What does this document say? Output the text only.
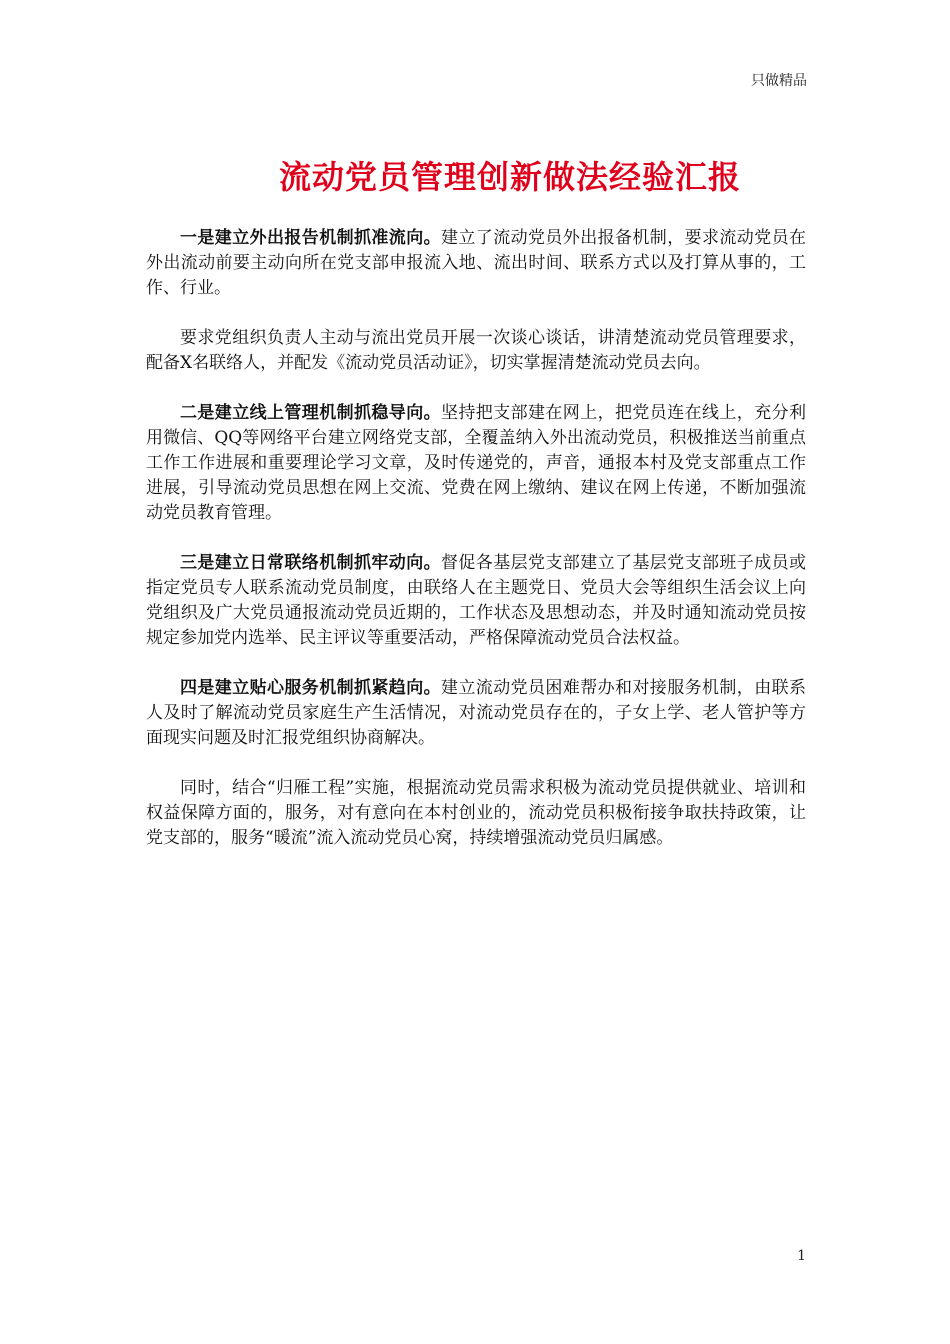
只做精品
流动党员管理创新做法经验汇报

一是建立外出报告机制抓准流向。建立了流动党员外出报备机制，要求流动党员在外出流动前要主动向所在党支部申报流入地、流出时间、联系方式以及打算从事的，工作、行业。

要求党组织负责人主动与流出党员开展一次谈心谈话，讲清楚流动党员管理要求，配备X名联络人，并配发《流动党员活动证》，切实掌握清楚流动党员去向。

二是建立线上管理机制抓稳导向。坚持把支部建在网上，把党员连在线上，充分利用微信、QQ等网络平台建立网络党支部，全覆盖纳入外出流动党员，积极推送当前重点工作工作进展和重要理论学习文章，及时传递党的，声音，通报本村及党支部重点工作进展，引导流动党员思想在网上交流、党费在网上缴纳、建议在网上传递，不断加强流动党员教育管理。

三是建立日常联络机制抓牢动向。督促各基层党支部建立了基层党支部班子成员或指定党员专人联系流动党员制度，由联络人在主题党日、党员大会等组织生活会议上向党组织及广大党员通报流动党员近期的，工作状态及思想动态，并及时通知流动党员按规定参加党内选举、民主评议等重要活动，严格保障流动党员合法权益。

四是建立贴心服务机制抓紧趋向。建立流动党员困难帮办和对接服务机制，由联系人及时了解流动党员家庭生产生活情况，对流动党员存在的，子女上学、老人管护等方面现实问题及时汇报党组织协商解决。

同时，结合“归雁工程”实施，根据流动党员需求积极为流动党员提供就业、培训和权益保障方面的，服务，对有意向在本村创业的，流动党员积极衔接争取扶持政策，让党支部的，服务“暖流”流入流动党员心窝，持续增强流动党员归属感。

1
